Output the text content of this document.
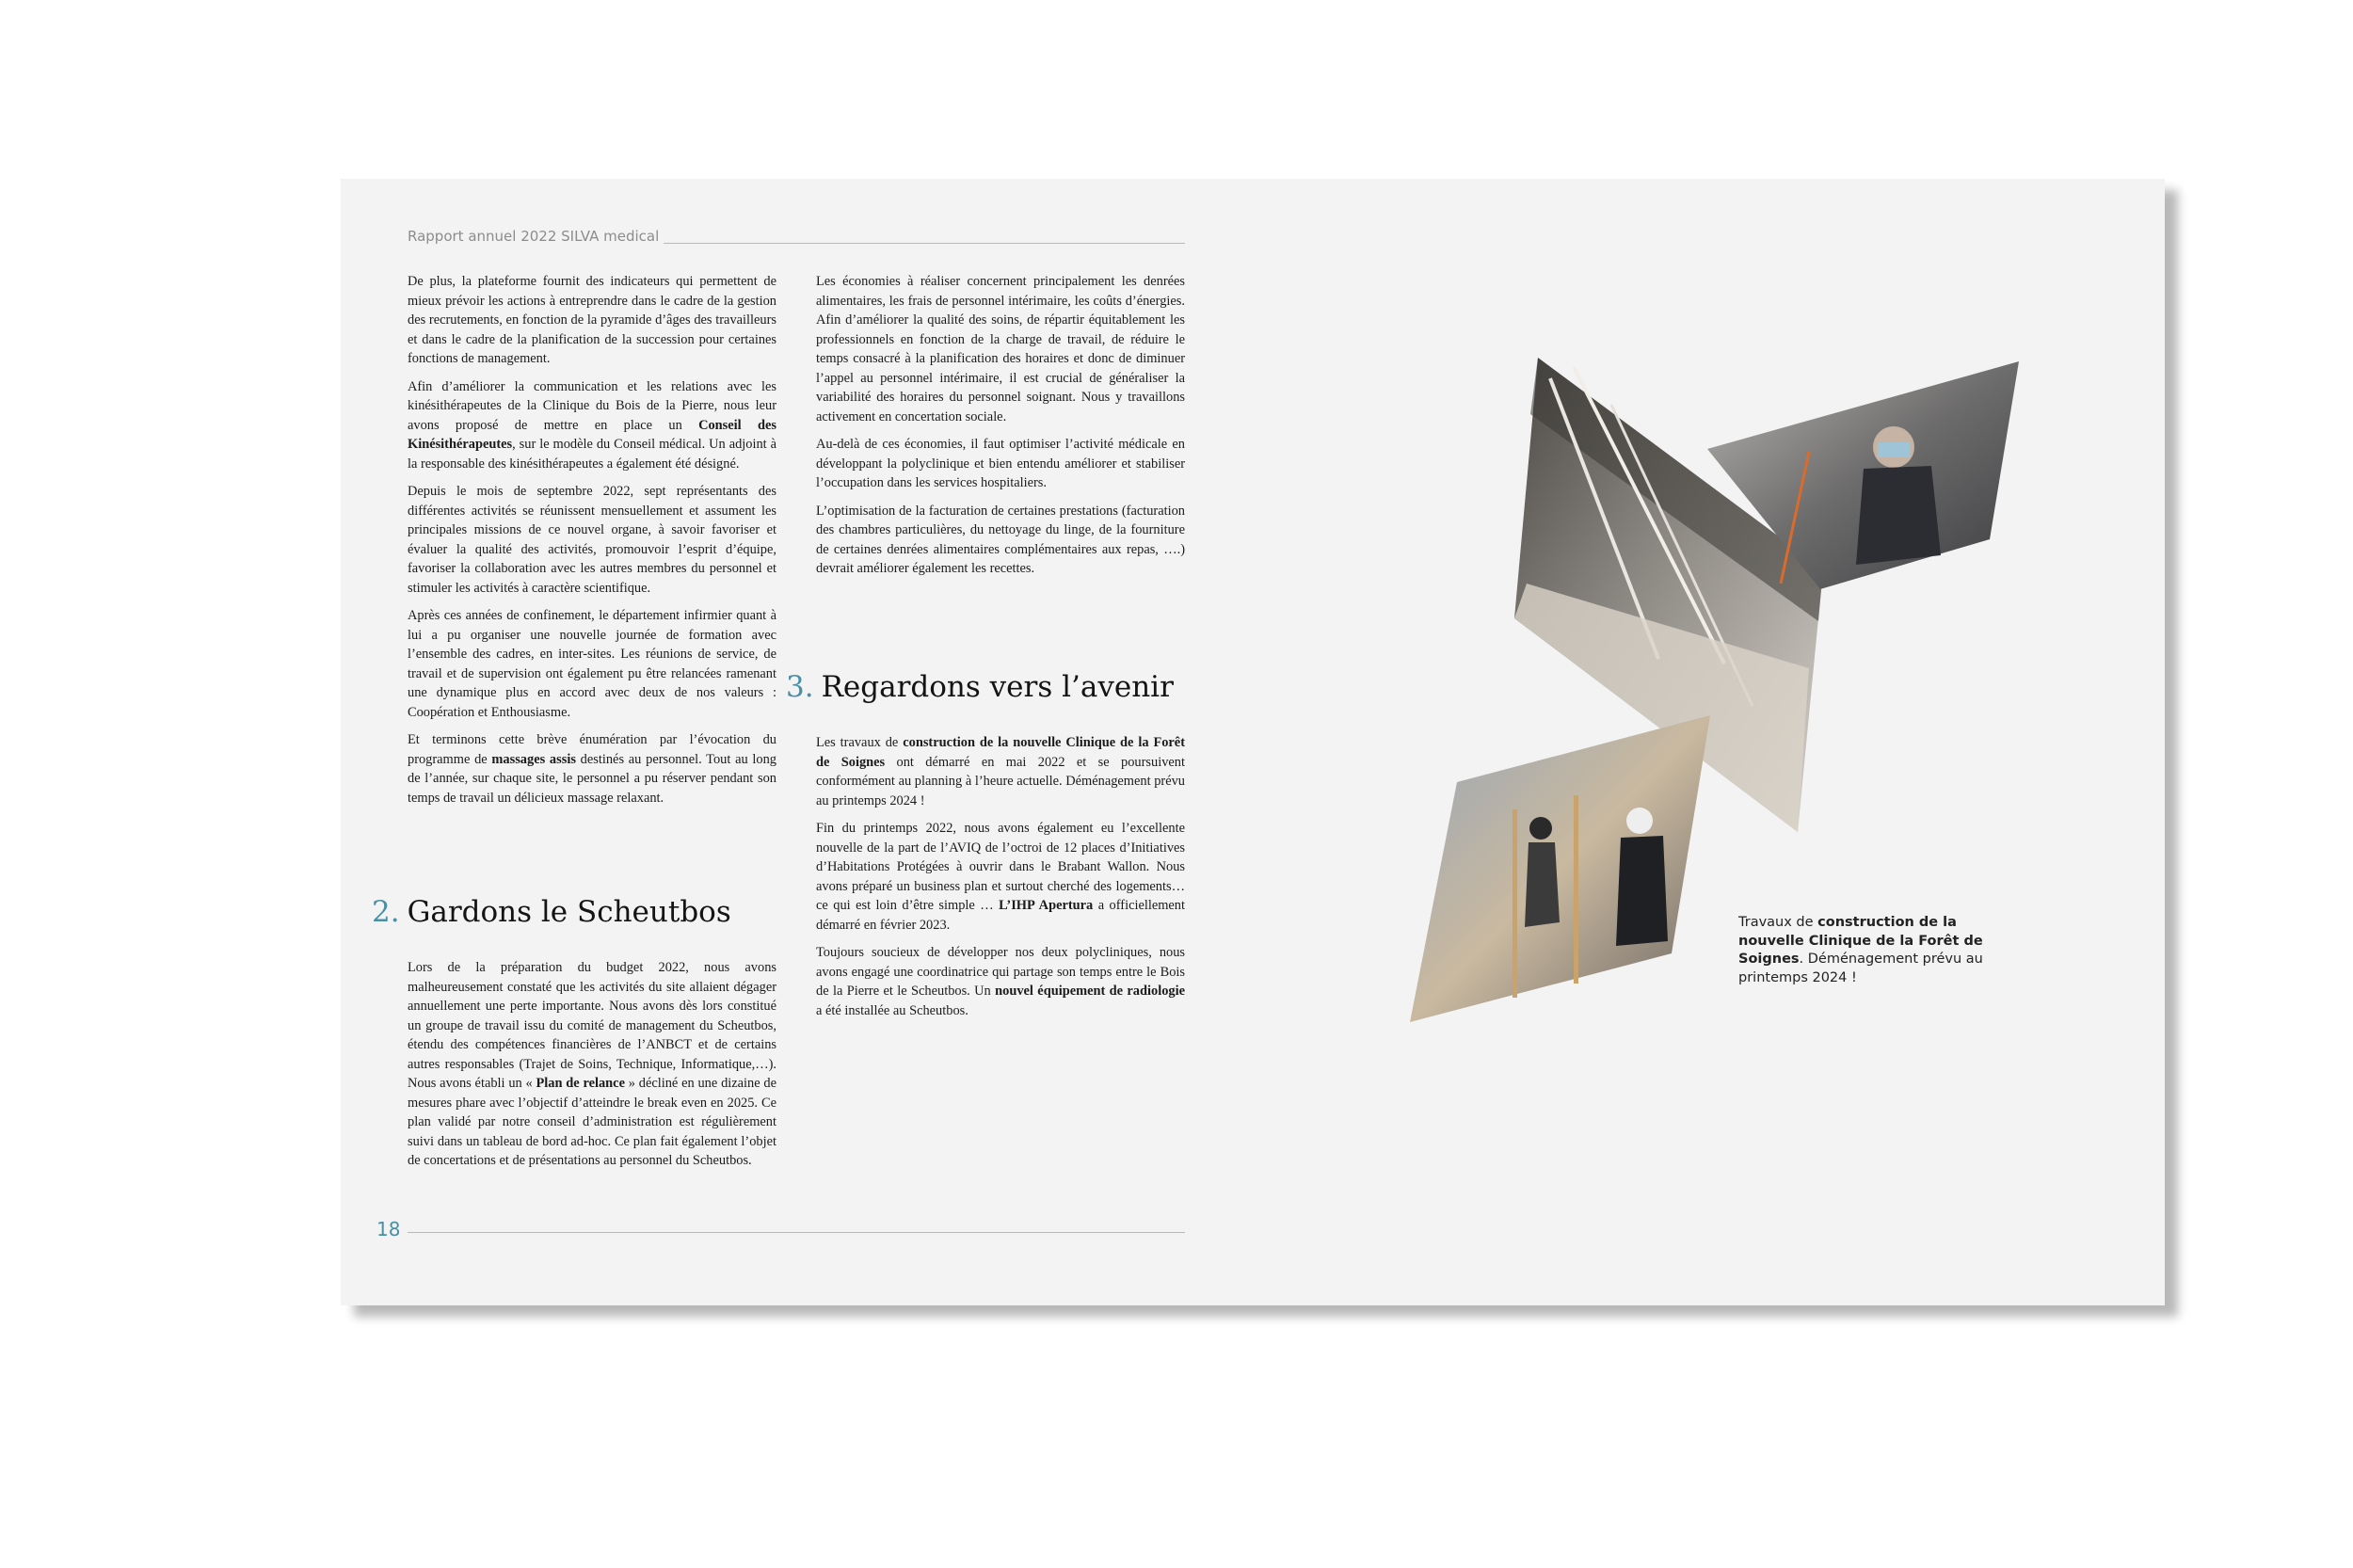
Rapport annuel 2022 SILVA medical

De plus, la plateforme fournit des indicateurs qui permettent de mieux prévoir les actions à entreprendre dans le cadre de la gestion des recrutements, en fonction de la pyramide d’âges des travailleurs et dans le cadre de la planification de la succession pour certaines fonctions de management.

Afin d’améliorer la communication et les relations avec les kinésithérapeutes de la Clinique du Bois de la Pierre, nous leur avons proposé de mettre en place un Conseil des Kinésithérapeutes, sur le modèle du Conseil médical. Un adjoint à la responsable des kinésithérapeutes a également été désigné.

Depuis le mois de septembre 2022, sept représentants des différentes activités se réunissent mensuellement et assument les principales missions de ce nouvel organe, à savoir favoriser et évaluer la qualité des activités, promouvoir l’esprit d’équipe, favoriser la collaboration avec les autres membres du personnel et stimuler les activités à caractère scientifique.

Après ces années de confinement, le département infirmier quant à lui a pu organiser une nouvelle journée de formation avec l’ensemble des cadres, en inter-sites. Les réunions de service, de travail et de supervision ont également pu être relancées ramenant une dynamique plus en accord avec deux de nos valeurs : Coopération et Enthousiasme.

Et terminons cette brève énumération par l’évocation du programme de massages assis destinés au personnel. Tout au long de l’année, sur chaque site, le personnel a pu réserver pendant son temps de travail un délicieux massage relaxant.

2. Gardons le Scheutbos

Lors de la préparation du budget 2022, nous avons malheureusement constaté que les activités du site allaient dégager annuellement une perte importante. Nous avons dès lors constitué un groupe de travail issu du comité de management du Scheutbos, étendu des compétences financières de l’ANBCT et de certains autres responsables (Trajet de Soins, Technique, Informatique,…). Nous avons établi un « Plan de relance » décliné en une dizaine de mesures phare avec l’objectif d’atteindre le break even en 2025. Ce plan validé par notre conseil d’administration est régulièrement suivi dans un tableau de bord ad-hoc. Ce plan fait également l’objet de concertations et de présentations au personnel du Scheutbos.

Les économies à réaliser concernent principalement les denrées alimentaires, les frais de personnel intérimaire, les coûts d’énergies. Afin d’améliorer la qualité des soins, de répartir équitablement les professionnels en fonction de la charge de travail, de réduire le temps consacré à la planification des horaires et donc de diminuer l’appel au personnel intérimaire, il est crucial de généraliser la variabilité des horaires du personnel soignant. Nous y travaillons activement en concertation sociale.

Au-delà de ces économies, il faut optimiser l’activité médicale en développant la polyclinique et bien entendu améliorer et stabiliser l’occupation dans les services hospitaliers.

L’optimisation de la facturation de certaines prestations (facturation des chambres particulières, du nettoyage du linge, de la fourniture de certaines denrées alimentaires complémentaires aux repas, ….) devrait améliorer également les recettes.

3. Regardons vers l’avenir

Les travaux de construction de la nouvelle Clinique de la Forêt de Soignes ont démarré en mai 2022 et se poursuivent conformément au planning à l’heure actuelle. Déménagement prévu au printemps 2024 !

Fin du printemps 2022, nous avons également eu l’excellente nouvelle de la part de l’AVIQ de l’octroi de 12 places d’Initiatives d’Habitations Protégées à ouvrir dans le Brabant Wallon. Nous avons préparé un business plan et surtout cherché des logements… ce qui est loin d’être simple … L’IHP Apertura a officiellement démarré en février 2023.

Toujours soucieux de développer nos deux polycliniques, nous avons engagé une coordinatrice qui partage son temps entre le Bois de la Pierre et le Scheutbos. Un nouvel équipement de radiologie a été installée au Scheutbos.

Travaux de construction de la nouvelle Clinique de la Forêt de Soignes. Déménagement prévu au printemps 2024 !
18
